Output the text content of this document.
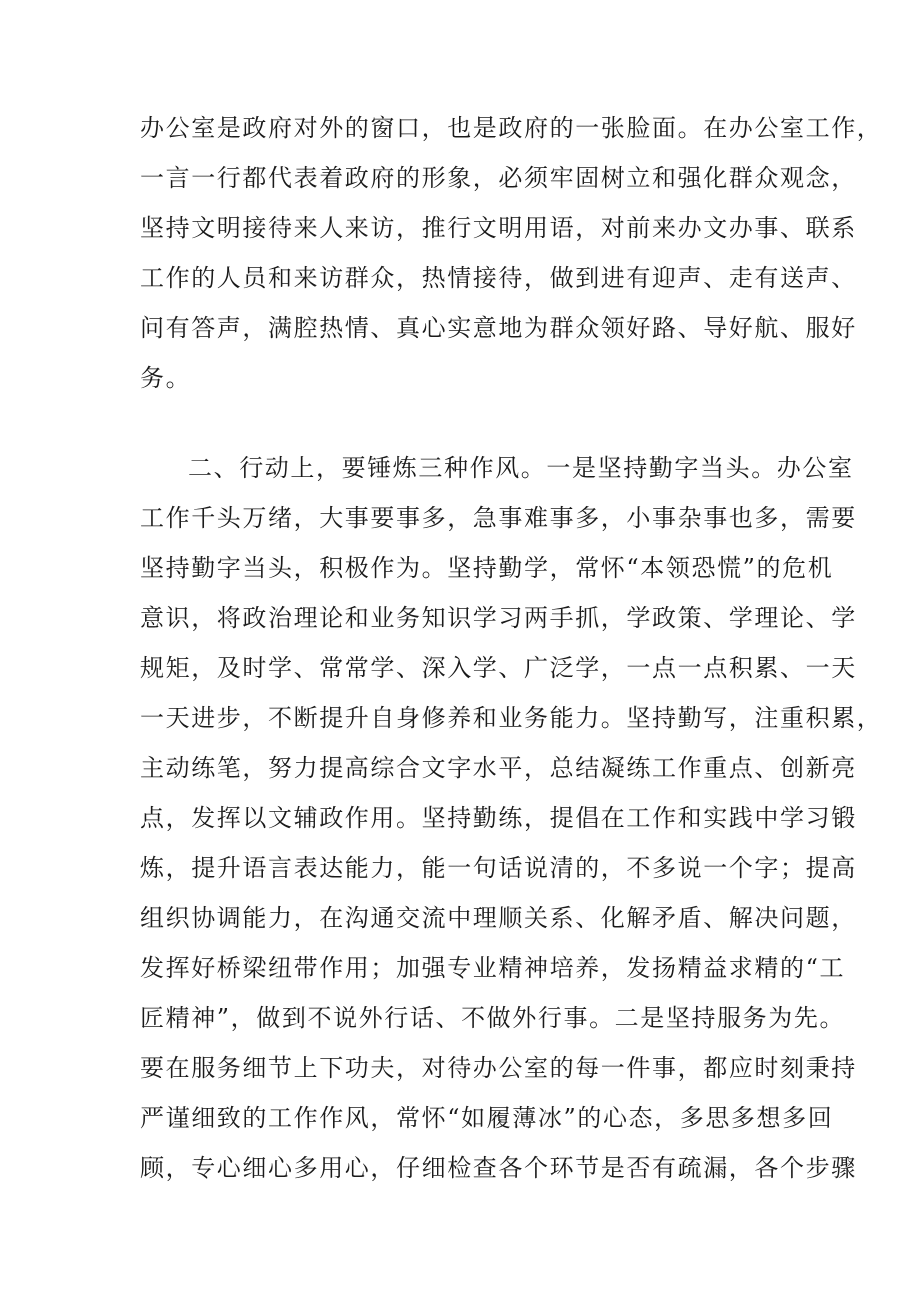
办公室是政府对外的窗口，也是政府的一张脸面。在办公室工作，
一言一行都代表着政府的形象，必须牢固树立和强化群众观念，
坚持文明接待来人来访，推行文明用语，对前来办文办事、联系
工作的人员和来访群众，热情接待，做到进有迎声、走有送声、
问有答声，满腔热情、真心实意地为群众领好路、导好航、服好
务。
二、行动上，要锤炼三种作风。一是坚持勤字当头。办公室
工作千头万绪，大事要事多，急事难事多，小事杂事也多，需要
坚持勤字当头，积极作为。坚持勤学，常怀“本领恐慌”的危机
意识，将政治理论和业务知识学习两手抓，学政策、学理论、学
规矩，及时学、常常学、深入学、广泛学，一点一点积累、一天
一天进步，不断提升自身修养和业务能力。坚持勤写，注重积累，
主动练笔，努力提高综合文字水平，总结凝练工作重点、创新亮
点，发挥以文辅政作用。坚持勤练，提倡在工作和实践中学习锻
炼，提升语言表达能力，能一句话说清的，不多说一个字；提高
组织协调能力，在沟通交流中理顺关系、化解矛盾、解决问题，
发挥好桥梁纽带作用；加强专业精神培养，发扬精益求精的“工
匠精神”，做到不说外行话、不做外行事。二是坚持服务为先。
要在服务细节上下功夫，对待办公室的每一件事，都应时刻秉持
严谨细致的工作作风，常怀“如履薄冰”的心态，多思多想多回
顾，专心细心多用心，仔细检查各个环节是否有疏漏，各个步骤
